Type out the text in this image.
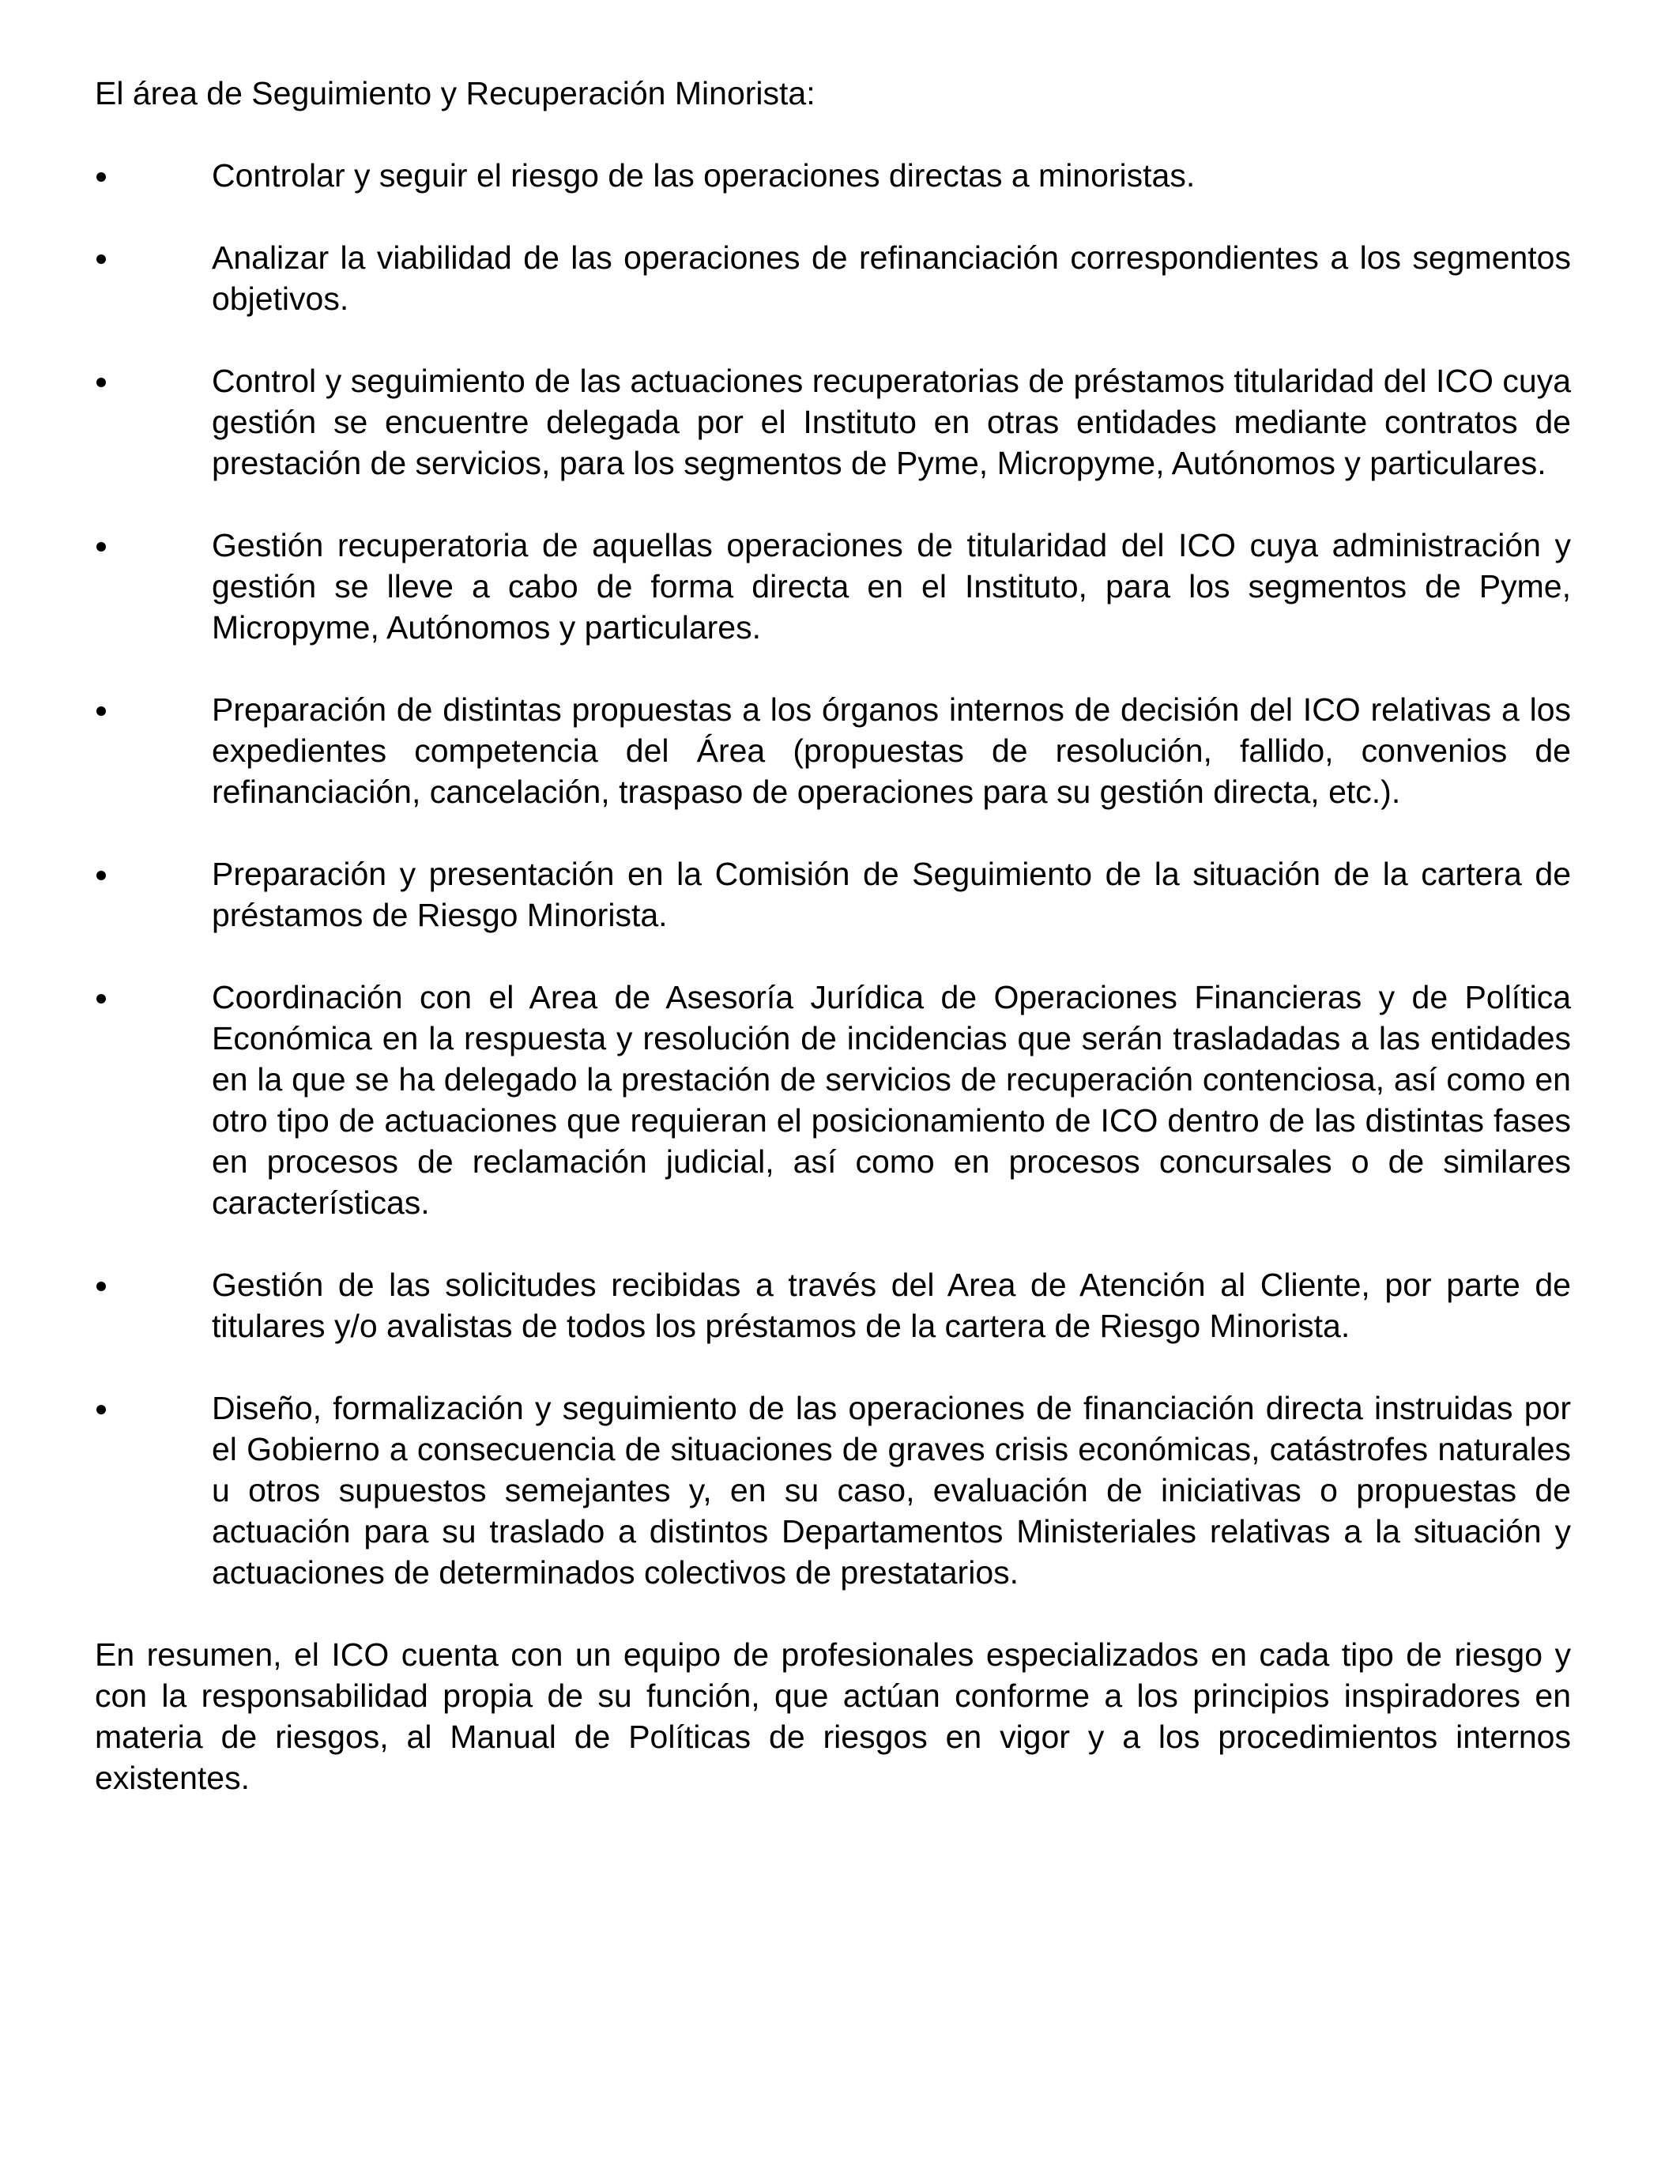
El área de Seguimiento y Recuperación Minorista:

Controlar y seguir el riesgo de las operaciones directas a minoristas.
Analizar la viabilidad de las operaciones de refinanciación correspondientes a los segmentos objetivos.
Control y seguimiento de las actuaciones recuperatorias de préstamos titularidad del ICO cuya gestión se encuentre delegada por el Instituto en otras entidades mediante contratos de prestación de servicios, para los segmentos de Pyme, Micropyme, Autónomos y particulares.
Gestión recuperatoria de aquellas operaciones de titularidad del ICO cuya administración y gestión se lleve a cabo de forma directa en el Instituto, para los segmentos de Pyme, Micropyme, Autónomos y particulares.
Preparación de distintas propuestas a los órganos internos de decisión del ICO relativas a los expedientes competencia del Área (propuestas de resolución, fallido, convenios de refinanciación, cancelación, traspaso de operaciones para su gestión directa, etc.).
Preparación y presentación en la Comisión de Seguimiento de la situación de la cartera de préstamos de Riesgo Minorista.
Coordinación con el Area de Asesoría Jurídica de Operaciones Financieras y de Política Económica en la respuesta y resolución de incidencias que serán trasladadas a las entidades en la que se ha delegado la prestación de servicios de recuperación contenciosa, así como en otro tipo de actuaciones que requieran el posicionamiento de ICO dentro de las distintas fases en procesos de reclamación judicial, así como en procesos concursales o de similares características.
Gestión de las solicitudes recibidas a través del Area de Atención al Cliente, por parte de titulares y/o avalistas de todos los préstamos de la cartera de Riesgo Minorista.
Diseño, formalización y seguimiento de las operaciones de financiación directa instruidas por el Gobierno a consecuencia de situaciones de graves crisis económicas, catástrofes naturales u otros supuestos semejantes y, en su caso, evaluación de iniciativas o propuestas de actuación para su traslado a distintos Departamentos Ministeriales relativas a la situación y actuaciones de determinados colectivos de prestatarios.

En resumen, el ICO cuenta con un equipo de profesionales especializados en cada tipo de riesgo y con la responsabilidad propia de su función, que actúan conforme a los principios inspiradores en materia de riesgos, al Manual de Políticas de riesgos en vigor y a los procedimientos internos existentes.
